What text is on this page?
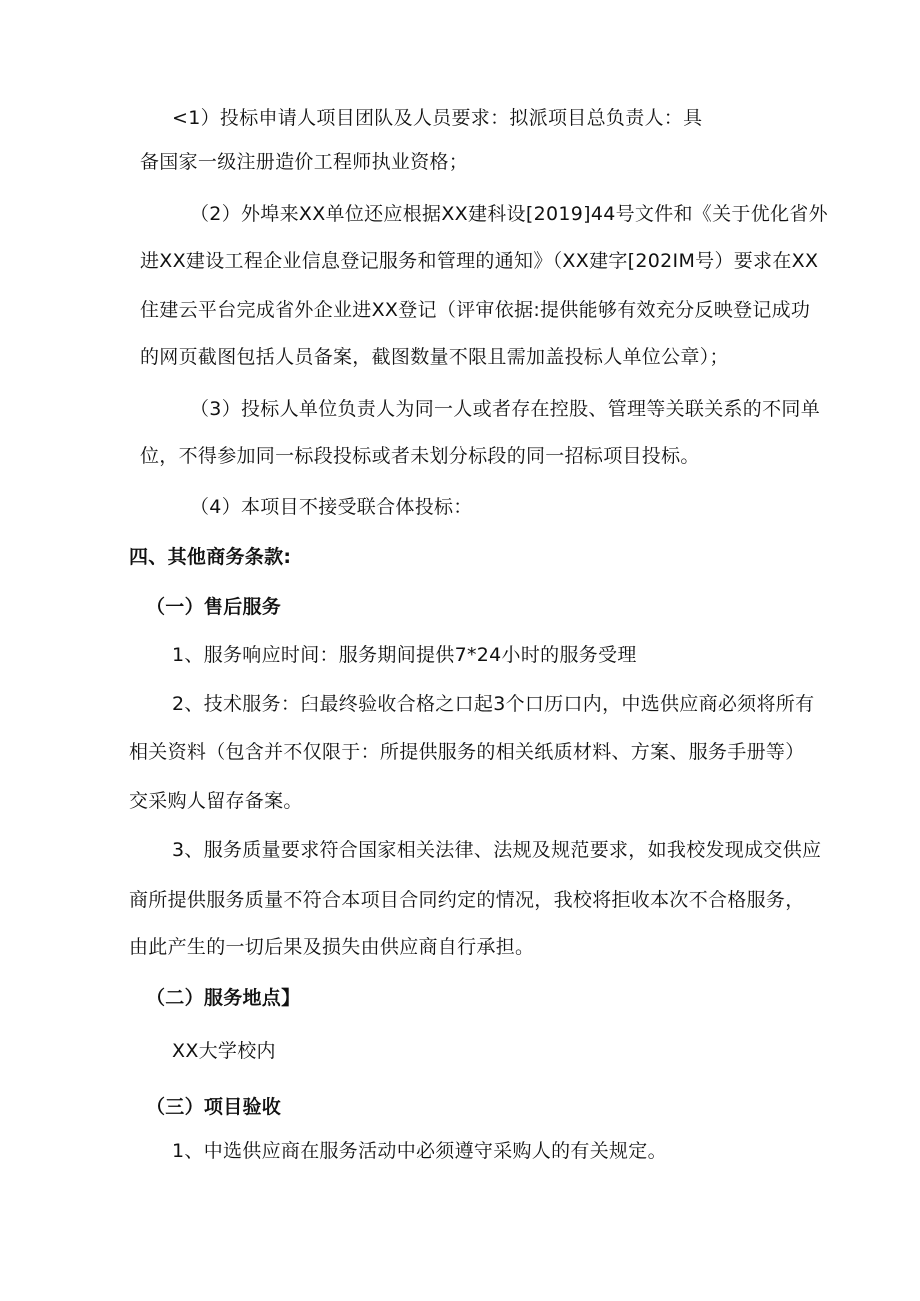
<1）投标申请人项目团队及人员要求：拟派项目总负责人：具
备国家一级注册造价工程师执业资格；
（2）外埠来XX单位还应根据XX建科设[2019]44号文件和《关于优化省外
进XX建设工程企业信息登记服务和管理的通知》（XX建字[202IM号）要求在XX
住建云平台完成省外企业进XX登记（评审依据:提供能够有效充分反映登记成功
的网页截图包括人员备案，截图数量不限且需加盖投标人单位公章）；
（3）投标人单位负责人为同一人或者存在控股、管理等关联关系的不同单
位，不得参加同一标段投标或者未划分标段的同一招标项目投标。
（4）本项目不接受联合体投标：
四、其他商务条款:
（一）售后服务
1、服务响应时间：服务期间提供7*24小时的服务受理
2、技术服务：臼最终验收合格之口起3个口历口内，中选供应商必须将所有
相关资料（包含并不仅限于：所提供服务的相关纸质材料、方案、服务手册等）
交采购人留存备案。
3、服务质量要求符合国家相关法律、法规及规范要求，如我校发现成交供应
商所提供服务质量不符合本项目合同约定的情况，我校将拒收本次不合格服务，
由此产生的一切后果及损失由供应商自行承担。
（二）服务地点】
XX大学校内
（三）项目验收
1、中选供应商在服务活动中必须遵守采购人的有关规定。
